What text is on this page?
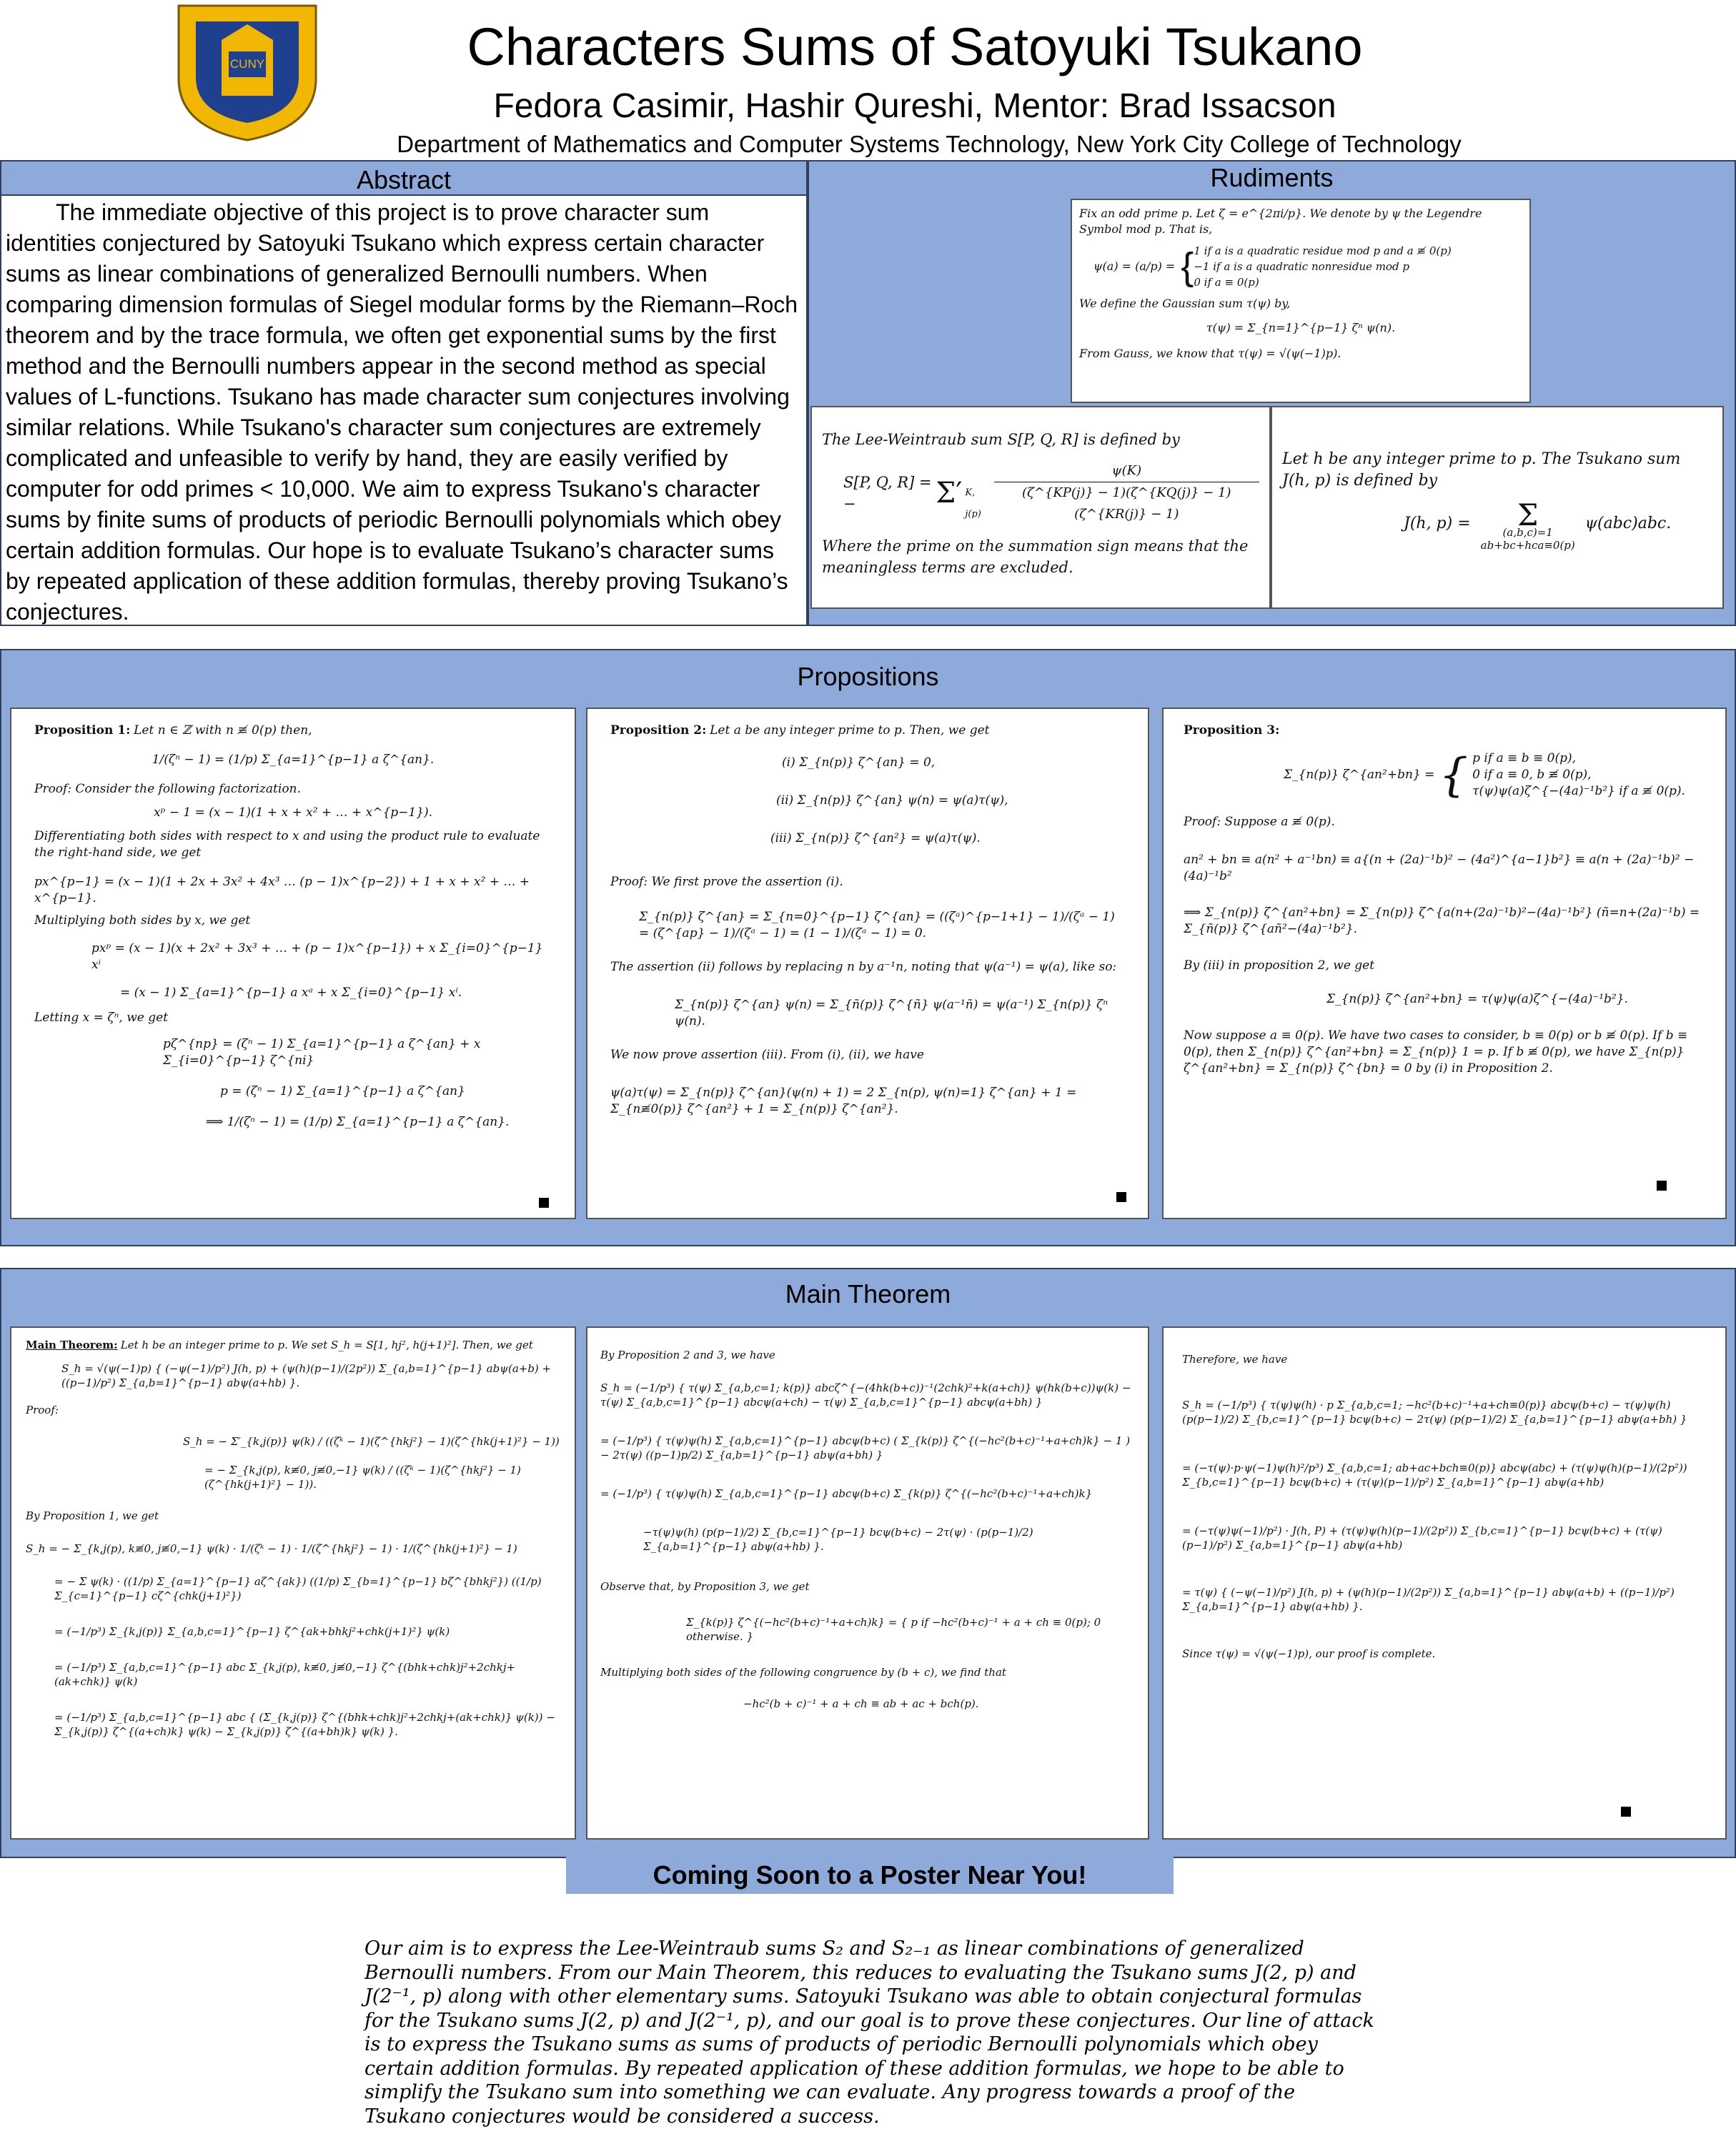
CUNY	Characters Sums of Satoyuki Tsukano
Fedora Casimir, Hashir Qureshi, Mentor: Brad Issacson
Department of Mathematics and Computer Systems Technology, New York City College of Technology
Abstract
The immediate objective of this project is to prove character sum identities conjectured by Satoyuki Tsukano which express certain character sums as linear combinations of generalized Bernoulli numbers. When comparing dimension formulas of Siegel modular forms by the Riemann–Roch theorem and by the trace formula, we often get exponential sums by the first method and the Bernoulli numbers appear in the second method as special values of L-functions. Tsukano has made character sum conjectures involving similar relations. While Tsukano's character sum conjectures are extremely complicated and unfeasible to verify by hand, they are easily verified by computer for odd primes < 10,000. We aim to express Tsukano's character sums by finite sums of products of periodic Bernoulli polynomials which obey certain addition formulas. Our hope is to evaluate Tsukano’s character sums by repeated application of these addition formulas, thereby proving Tsukano’s conjectures.
Rudiments
Fix an odd prime p. Let ζ = e^{2πi/p}. We denote by ψ the Legendre Symbol mod p. That is,
ψ(a) = (a/p) = { 1 if a is a quadratic residue mod p and a ≢ 0(p)
−1 if a is a quadratic nonresidue mod p
0 if a ≡ 0(p)
We define the Gaussian sum τ(ψ) by,
τ(ψ) = Σ_{n=1}^{p−1} ζⁿ ψ(n).
From Gauss, we know that τ(ψ) = √(ψ(−1)p).
The Lee-Weintraub sum S[P, Q, R] is defined by
S[P, Q, R] = −	Σ′ K, $j(p) \frac{\psi(K)}{(\zeta\^{}\{KP(j)\} - 1)(\zeta\^{}\{KQ(j)\} - 1)(\zeta\^{}\{KR(j)\} - 1)}$
Where the prime on the summation sign means that the meaningless terms are excluded.
Let h be any integer prime to p. The Tsukano sum J(h, p) is defined by
J(h, p) =	Σ
(a,b,c)=1
ab+bc+hca≡0(p)
ψ(abc)abc.
Propositions
Proposition 1: Let n ∈ ℤ with n ≢ 0(p) then,
1/(ζⁿ − 1) = (1/p) Σ_{a=1}^{p−1} a ζ^{an}.
Proof: Consider the following factorization.
xᵖ − 1 = (x − 1)(1 + x + x² + … + x^{p−1}).
Differentiating both sides with respect to x and using the product rule to evaluate the right-hand side, we get
px^{p−1} = (x − 1)(1 + 2x + 3x² + 4x³ … (p − 1)x^{p−2}) + 1 + x + x² + … + x^{p−1}.
Multiplying both sides by x, we get
pxᵖ = (x − 1)(x + 2x² + 3x³ + … + (p − 1)x^{p−1}) + x Σ_{i=0}^{p−1} xⁱ
= (x − 1) Σ_{a=1}^{p−1} a xᵃ + x Σ_{i=0}^{p−1} xⁱ.
Letting x = ζⁿ, we get
pζ^{np} = (ζⁿ − 1) Σ_{a=1}^{p−1} a ζ^{an} + x Σ_{i=0}^{p−1} ζ^{ni}
p = (ζⁿ − 1) Σ_{a=1}^{p−1} a ζ^{an}
⟹ 1/(ζⁿ − 1) = (1/p) Σ_{a=1}^{p−1} a ζ^{an}.
Proposition 2: Let a be any integer prime to p. Then, we get
(i) Σ_{n(p)} ζ^{an} = 0,
(ii) Σ_{n(p)} ζ^{an} ψ(n) = ψ(a)τ(ψ),
(iii) Σ_{n(p)} ζ^{an²} = ψ(a)τ(ψ).
Proof: We first prove the assertion (i).
Σ_{n(p)} ζ^{an} = Σ_{n=0}^{p−1} ζ^{an} = ((ζᵃ)^{p−1+1} − 1)/(ζᵃ − 1) = (ζ^{ap} − 1)/(ζᵃ − 1) = (1 − 1)/(ζᵃ − 1) = 0.
The assertion (ii) follows by replacing n by a⁻¹n, noting that ψ(a⁻¹) = ψ(a), like so:
Σ_{n(p)} ζ^{an} ψ(n) = Σ_{ñ(p)} ζ^{ñ} ψ(a⁻¹ñ) = ψ(a⁻¹) Σ_{n(p)} ζⁿ ψ(n).
We now prove assertion (iii). From (i), (ii), we have
ψ(a)τ(ψ) = Σ_{n(p)} ζ^{an}(ψ(n) + 1) = 2 Σ_{n(p), ψ(n)=1} ζ^{an} + 1 = Σ_{n≢0(p)} ζ^{an²} + 1 = Σ_{n(p)} ζ^{an²}.
Proposition 3:
Σ_{n(p)} ζ^{an²+bn} = { p if a ≡ b ≡ 0(p),
0 if a ≡ 0, b ≢ 0(p),
τ(ψ)ψ(a)ζ^{−(4a)⁻¹b²} if a ≢ 0(p).
Proof: Suppose a ≢ 0(p).
an² + bn ≡ a(n² + a⁻¹bn) ≡ a{(n + (2a)⁻¹b)² − (4a²)^{a−1}b²} ≡ a(n + (2a)⁻¹b)² − (4a)⁻¹b²
⟹ Σ_{n(p)} ζ^{an²+bn} = Σ_{n(p)} ζ^{a(n+(2a)⁻¹b)²−(4a)⁻¹b²} (ñ=n+(2a)⁻¹b) = Σ_{ñ(p)} ζ^{añ²−(4a)⁻¹b²}.
By (iii) in proposition 2, we get
Σ_{n(p)} ζ^{an²+bn} = τ(ψ)ψ(a)ζ^{−(4a)⁻¹b²}.
Now suppose a ≡ 0(p). We have two cases to consider, b ≡ 0(p) or b ≢ 0(p). If b ≡ 0(p), then Σ_{n(p)} ζ^{an²+bn} = Σ_{n(p)} 1 = p. If b ≢ 0(p), we have Σ_{n(p)} ζ^{an²+bn} = Σ_{n(p)} ζ^{bn} = 0 by (i) in Proposition 2.
Main Theorem
Main Theorem: Let h be an integer prime to p. We set S_h = S[1, hj², h(j+1)²]. Then, we get
S_h = √(ψ(−1)p) { (−ψ(−1)/p²) J(h, p) + (ψ(h)(p−1)/(2p²)) Σ_{a,b=1}^{p−1} abψ(a+b) + ((p−1)/p²) Σ_{a,b=1}^{p−1} abψ(a+hb) }.
Proof:
S_h = − Σ′_{k,j(p)} ψ(k) / ((ζᵏ − 1)(ζ^{hkj²} − 1)(ζ^{hk(j+1)²} − 1))
= − Σ_{k,j(p), k≢0, j≢0,−1} ψ(k) / ((ζᵏ − 1)(ζ^{hkj²} − 1)(ζ^{hk(j+1)²} − 1)).
By Proposition 1, we get
S_h = − Σ_{k,j(p), k≢0, j≢0,−1} ψ(k) · 1/(ζᵏ − 1) · 1/(ζ^{hkj²} − 1) · 1/(ζ^{hk(j+1)²} − 1)
= − Σ ψ(k) · ((1/p) Σ_{a=1}^{p−1} aζ^{ak}) ((1/p) Σ_{b=1}^{p−1} bζ^{bhkj²}) ((1/p) Σ_{c=1}^{p−1} cζ^{chk(j+1)²})
= (−1/p³) Σ_{k,j(p)} Σ_{a,b,c=1}^{p−1} ζ^{ak+bhkj²+chk(j+1)²} ψ(k)
= (−1/p³) Σ_{a,b,c=1}^{p−1} abc Σ_{k,j(p), k≢0, j≢0,−1} ζ^{(bhk+chk)j²+2chkj+(ak+chk)} ψ(k)
= (−1/p³) Σ_{a,b,c=1}^{p−1} abc { (Σ_{k,j(p)} ζ^{(bhk+chk)j²+2chkj+(ak+chk)} ψ(k)) − Σ_{k,j(p)} ζ^{(a+ch)k} ψ(k) − Σ_{k,j(p)} ζ^{(a+bh)k} ψ(k) }.
By Proposition 2 and 3, we have
S_h = (−1/p³) { τ(ψ) Σ_{a,b,c=1; k(p)} abcζ^{−(4hk(b+c))⁻¹(2chk)²+k(a+ch)} ψ(hk(b+c))ψ(k) − τ(ψ) Σ_{a,b,c=1}^{p−1} abcψ(a+ch) − τ(ψ) Σ_{a,b,c=1}^{p−1} abcψ(a+bh) }
= (−1/p³) { τ(ψ)ψ(h) Σ_{a,b,c=1}^{p−1} abcψ(b+c) ( Σ_{k(p)} ζ^{(−hc²(b+c)⁻¹+a+ch)k} − 1 ) − 2τ(ψ) ((p−1)p/2) Σ_{a,b=1}^{p−1} abψ(a+bh) }
= (−1/p³) { τ(ψ)ψ(h) Σ_{a,b,c=1}^{p−1} abcψ(b+c) Σ_{k(p)} ζ^{(−hc²(b+c)⁻¹+a+ch)k}
−τ(ψ)ψ(h) (p(p−1)/2) Σ_{b,c=1}^{p−1} bcψ(b+c) − 2τ(ψ) · (p(p−1)/2) Σ_{a,b=1}^{p−1} abψ(a+hb) }.
Observe that, by Proposition 3, we get
Σ_{k(p)} ζ^{(−hc²(b+c)⁻¹+a+ch)k} = { p if −hc²(b+c)⁻¹ + a + ch ≡ 0(p); 0 otherwise. }
Multiplying both sides of the following congruence by (b + c), we find that
−hc²(b + c)⁻¹ + a + ch ≡ ab + ac + bch(p).
Therefore, we have
S_h = (−1/p³) { τ(ψ)ψ(h) · p Σ_{a,b,c=1; −hc²(b+c)⁻¹+a+ch≡0(p)} abcψ(b+c) − τ(ψ)ψ(h) (p(p−1)/2) Σ_{b,c=1}^{p−1} bcψ(b+c) − 2τ(ψ) (p(p−1)/2) Σ_{a,b=1}^{p−1} abψ(a+bh) }
= (−τ(ψ)·p·ψ(−1)ψ(h)²/p³) Σ_{a,b,c=1; ab+ac+bch≡0(p)} abcψ(abc) + (τ(ψ)ψ(h)(p−1)/(2p²)) Σ_{b,c=1}^{p−1} bcψ(b+c) + (τ(ψ)(p−1)/p²) Σ_{a,b=1}^{p−1} abψ(a+hb)
= (−τ(ψ)ψ(−1)/p²) · J(h, P) + (τ(ψ)ψ(h)(p−1)/(2p²)) Σ_{b,c=1}^{p−1} bcψ(b+c) + (τ(ψ)(p−1)/p²) Σ_{a,b=1}^{p−1} abψ(a+hb)
= τ(ψ) { (−ψ(−1)/p²) J(h, p) + (ψ(h)(p−1)/(2p²)) Σ_{a,b=1}^{p−1} abψ(a+b) + ((p−1)/p²) Σ_{a,b=1}^{p−1} abψ(a+hb) }.
Since τ(ψ) = √(ψ(−1)p), our proof is complete.
Coming Soon to a Poster Near You!
Our aim is to express the Lee-Weintraub sums S₂ and S₂₋₁ as linear combinations of generalized Bernoulli numbers. From our Main Theorem, this reduces to evaluating the Tsukano sums J(2, p) and J(2⁻¹, p) along with other elementary sums. Satoyuki Tsukano was able to obtain conjectural formulas for the Tsukano sums J(2, p) and J(2⁻¹, p), and our goal is to prove these conjectures. Our line of attack is to express the Tsukano sums as sums of products of periodic Bernoulli polynomials which obey certain addition formulas. By repeated application of these addition formulas, we hope to be able to simplify the Tsukano sum into something we can evaluate. Any progress towards a proof of the Tsukano conjectures would be considered a success.
